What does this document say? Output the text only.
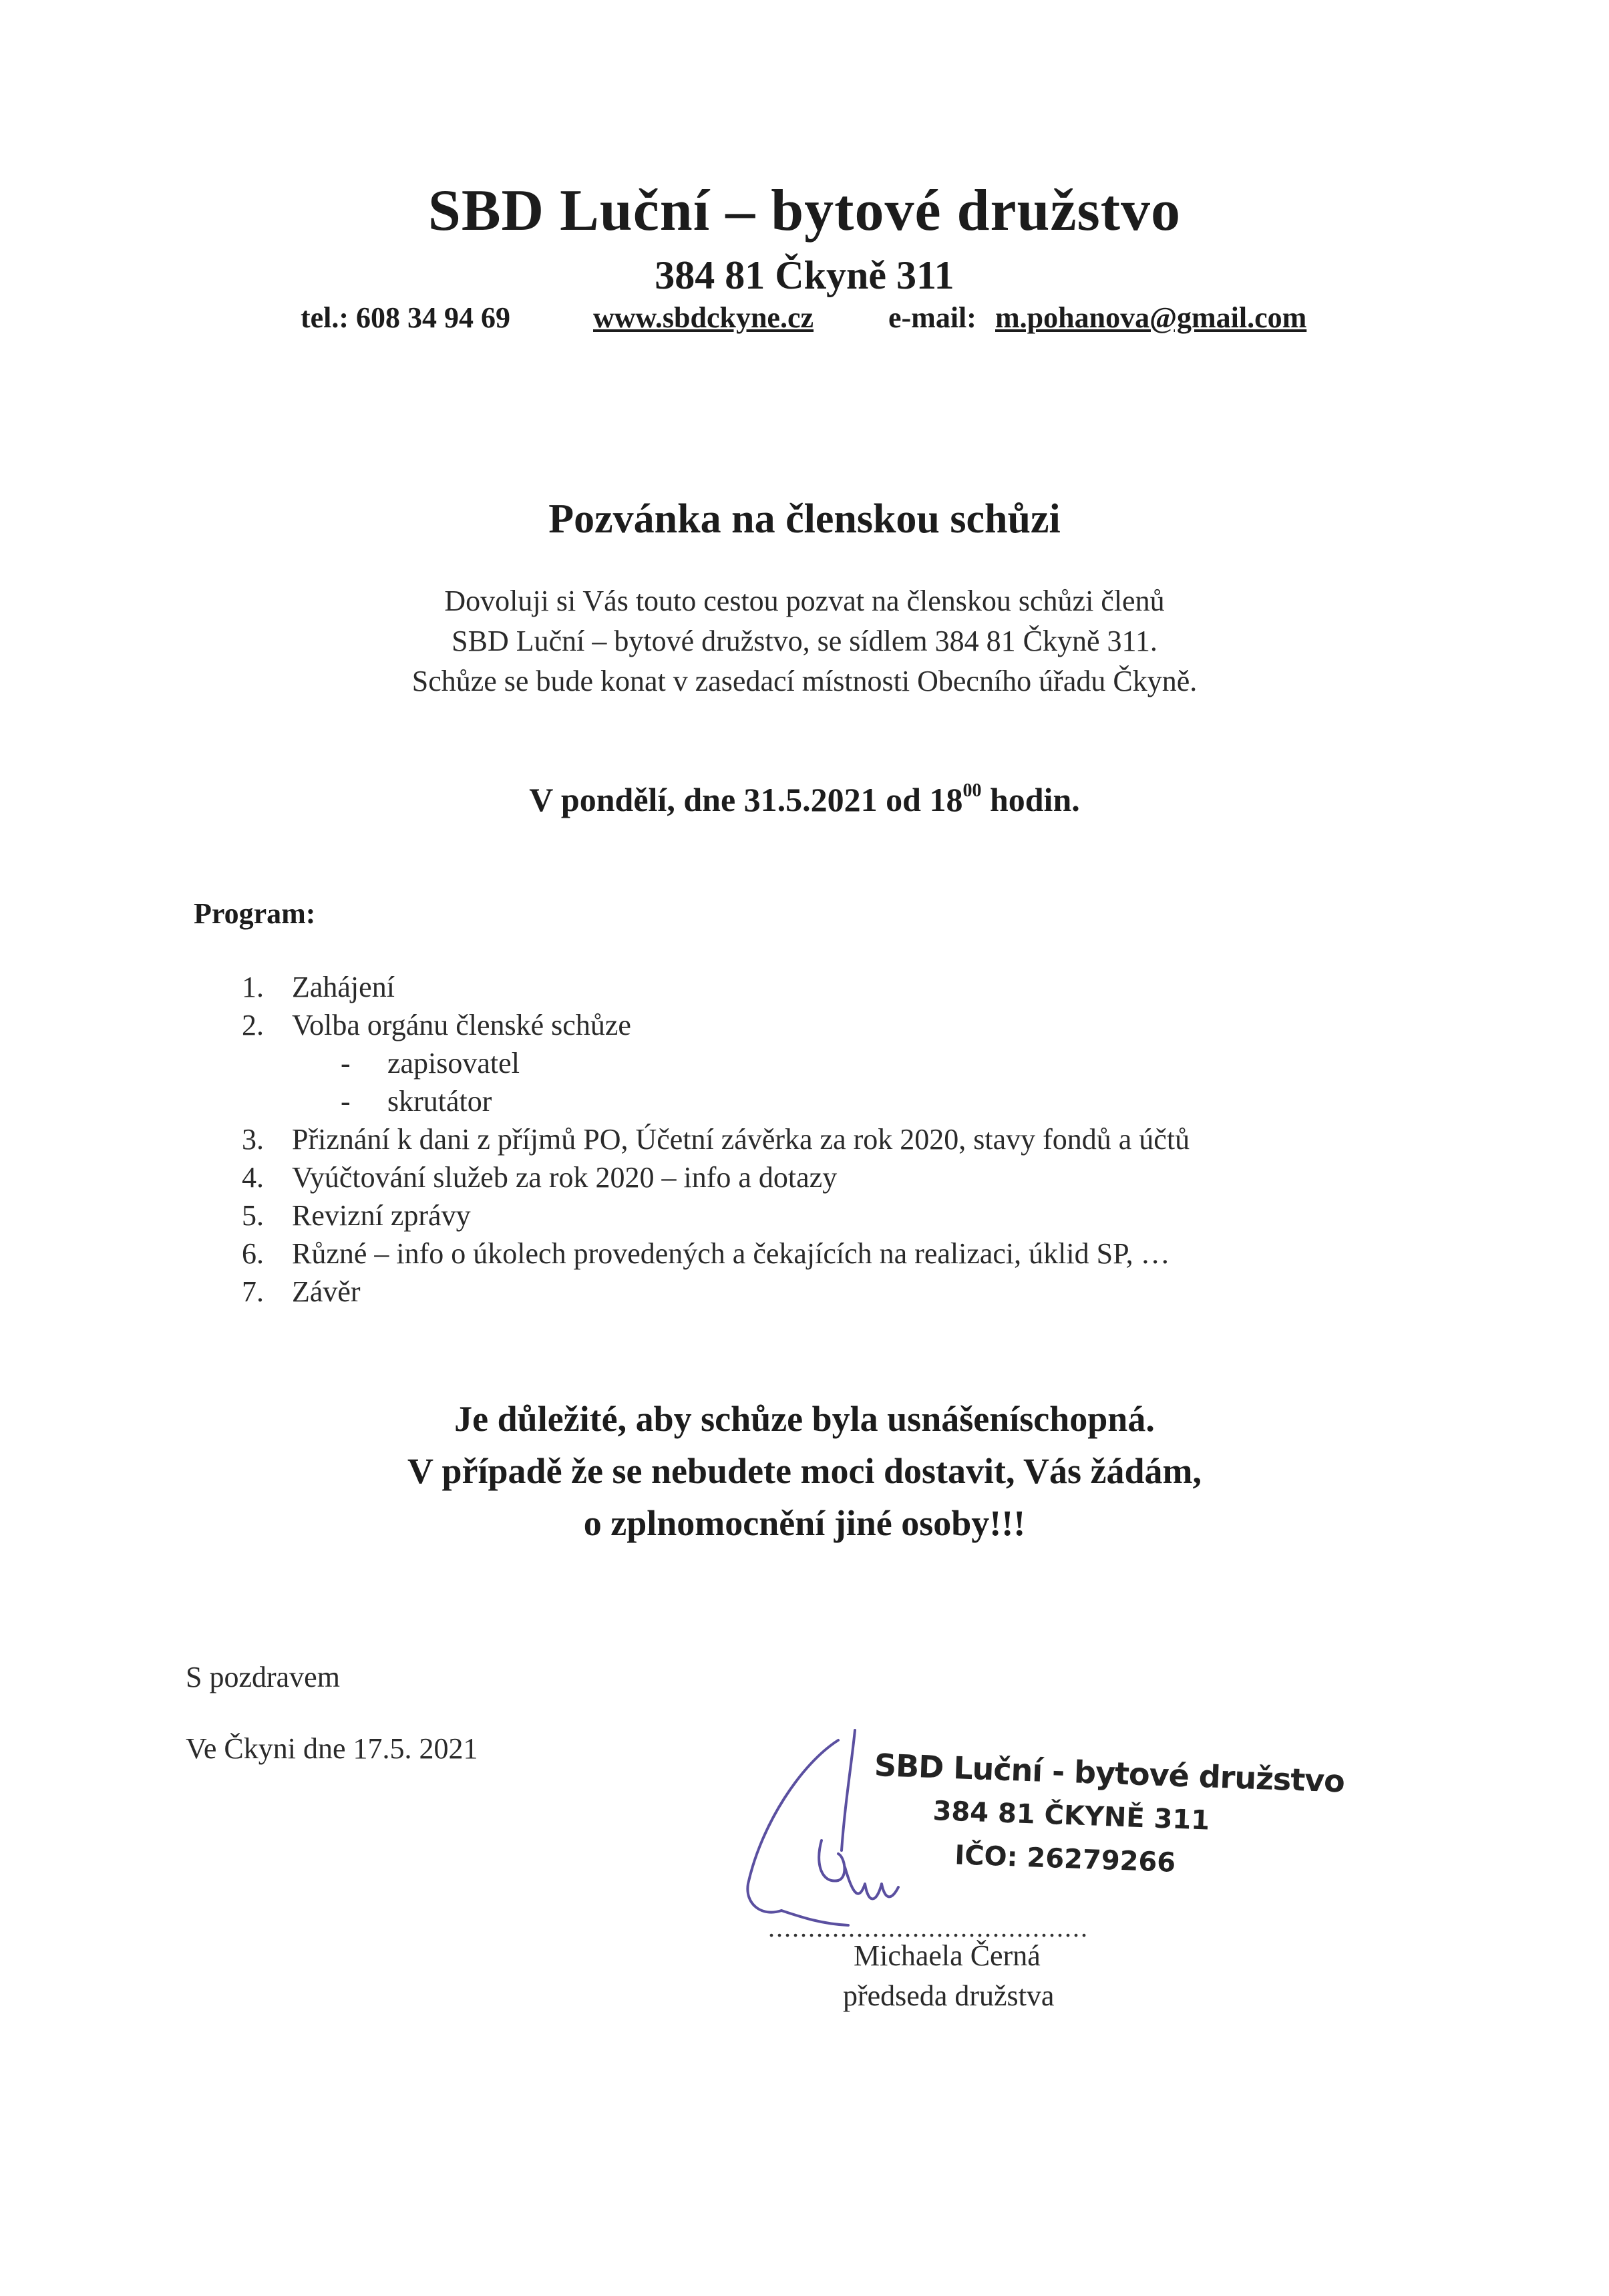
SBD Luční – bytové družstvo
384 81 Čkyně 311
tel.: 608 34 94 69	www.sbdckyne.cz	e-mail: m.pohanova@gmail.com
Pozvánka na členskou schůzi
Dovoluji si Vás touto cestou pozvat na členskou schůzi členů
SBD Luční – bytové družstvo, se sídlem 384 81 Čkyně 311.
Schůze se bude konat v zasedací místnosti Obecního úřadu Čkyně.
V pondělí, dne 31.5.2021 od $18^{00}$ hodin.
Program:
1. Zahájení
2. Volba orgánu členské schůze
- zapisovatel
- skrutátor
3. Přiznání k dani z příjmů PO, Účetní závěrka za rok 2020, stavy fondů a účtů
4. Vyúčtování služeb za rok 2020 – info a dotazy
5. Revizní zprávy
6. Různé – info o úkolech provedených a čekajících na realizaci, úklid SP, …
7. Závěr
Je důležité, aby schůze byla usnášeníschopná.
V případě že se nebudete moci dostavit, Vás žádám,
o zplnomocnění jiné osoby!!!
S pozdravem
Ve Čkyni dne 17.5. 2021	SBD Luční - bytové družstvo
384 81 ČKYNĚ 311
IČO: 26279266
........................................
Michaela Černá
předseda družstva
